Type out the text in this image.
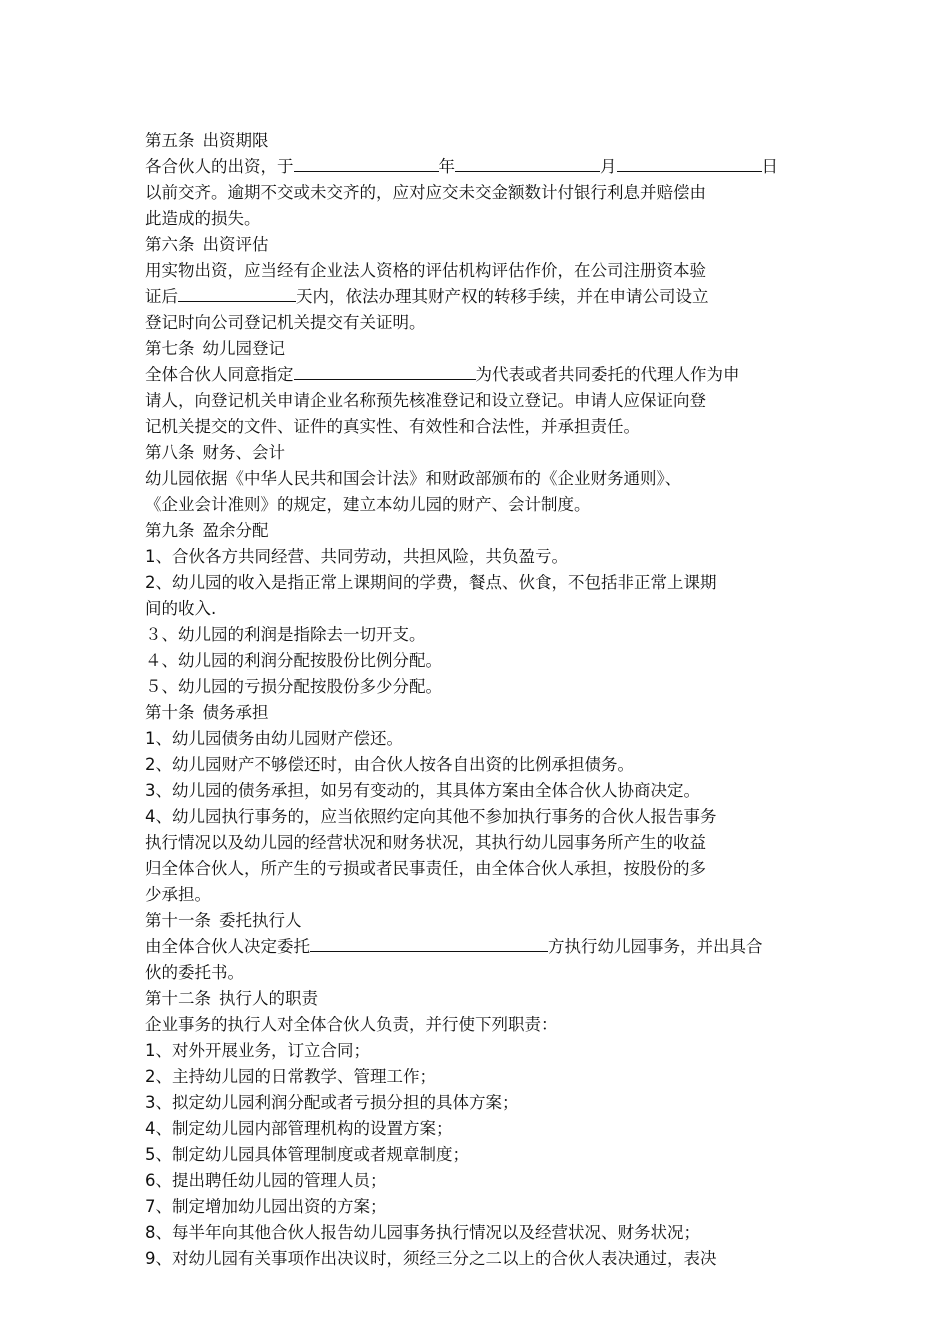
第五条 出资期限
各合伙人的出资，于	年	月	日
以前交齐。逾期不交或未交齐的，应对应交未交金额数计付银行利息并赔偿由
此造成的损失。
第六条 出资评估
用实物出资，应当经有企业法人资格的评估机构评估作价，在公司注册资本验
证后	天内，依法办理其财产权的转移手续，并在申请公司设立
登记时向公司登记机关提交有关证明。
第七条 幼儿园登记
全体合伙人同意指定	为代表或者共同委托的代理人作为申
请人，向登记机关申请企业名称预先核准登记和设立登记。申请人应保证向登
记机关提交的文件、证件的真实性、有效性和合法性，并承担责任。
第八条 财务、会计
幼儿园依据《中华人民共和国会计法》和财政部颁布的《企业财务通则》、
《企业会计准则》的规定，建立本幼儿园的财产、会计制度。
第九条 盈余分配
1、合伙各方共同经营、共同劳动，共担风险，共负盈亏。
2、幼儿园的收入是指正常上课期间的学费，餐点、伙食，不包括非正常上课期
间的收入.
３、幼儿园的利润是指除去一切开支。
４、幼儿园的利润分配按股份比例分配。
５、幼儿园的亏损分配按股份多少分配。
第十条 债务承担
1、幼儿园债务由幼儿园财产偿还。
2、幼儿园财产不够偿还时，由合伙人按各自出资的比例承担债务。
3、幼儿园的债务承担，如另有变动的，其具体方案由全体合伙人协商决定。
4、幼儿园执行事务的，应当依照约定向其他不参加执行事务的合伙人报告事务
执行情况以及幼儿园的经营状况和财务状况，其执行幼儿园事务所产生的收益
归全体合伙人，所产生的亏损或者民事责任，由全体合伙人承担，按股份的多
少承担。
第十一条 委托执行人
由全体合伙人决定委托	方执行幼儿园事务，并出具合
伙的委托书。
第十二条 执行人的职责
企业事务的执行人对全体合伙人负责，并行使下列职责：
1、对外开展业务，订立合同；
2、主持幼儿园的日常教学、管理工作；
3、拟定幼儿园利润分配或者亏损分担的具体方案；
4、制定幼儿园内部管理机构的设置方案；
5、制定幼儿园具体管理制度或者规章制度；
6、提出聘任幼儿园的管理人员；
7、制定增加幼儿园出资的方案；
8、每半年向其他合伙人报告幼儿园事务执行情况以及经营状况、财务状况；
9、对幼儿园有关事项作出决议时，须经三分之二以上的合伙人表决通过，表决
